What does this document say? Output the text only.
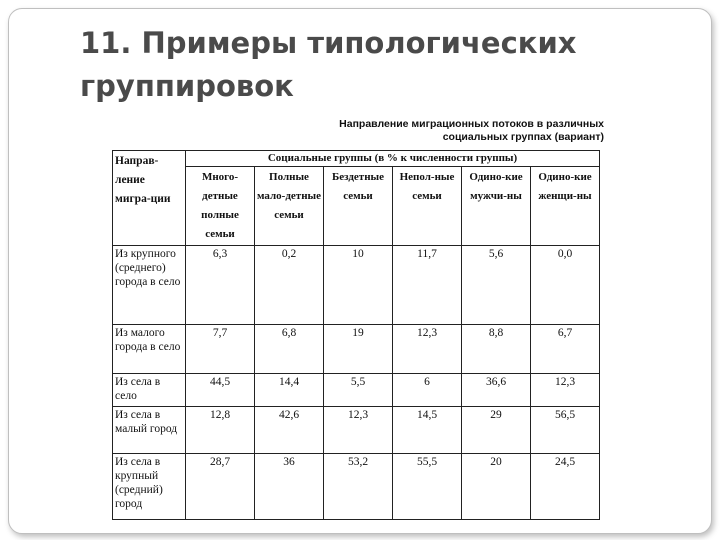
11. Примеры типологических группировок
Направление миграционных потоков в различных
социальных группах (вариант)
Направ-ление мигра-ции	Социальные группы (в % к численности группы)					
	Много-детные полные семьи	Полные мало-детные семьи	Бездетные семьи	Непол-ные семьи	Одино-кие мужчи-ны	Одино-кие женщи-ны
Из крупного (среднего) города в село	6,3	0,2	10	11,7	5,6	0,0
Из малого города в село	7,7	6,8	19	12,3	8,8	6,7
Из села в село	44,5	14,4	5,5	6	36,6	12,3
Из села в малый город	12,8	42,6	12,3	14,5	29	56,5
Из села в крупный (средний) город	28,7	36	53,2	55,5	20	24,5
